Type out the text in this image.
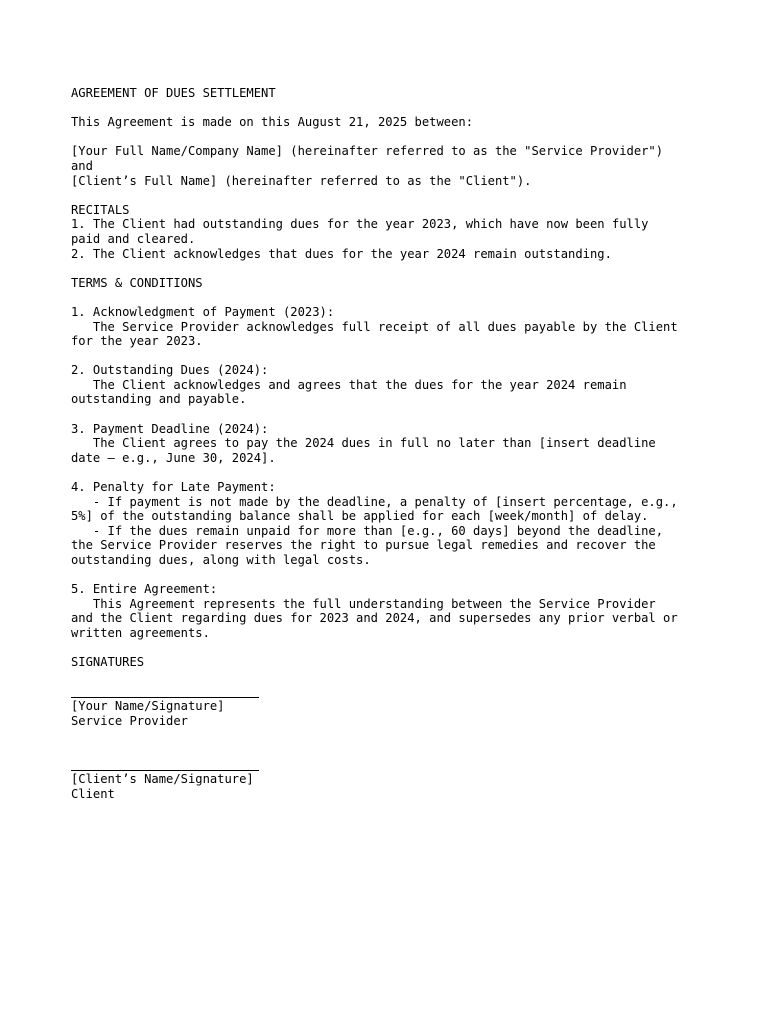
AGREEMENT OF DUES SETTLEMENT
This Agreement is made on this August 21, 2025 between:
[Your Full Name/Company Name] (hereinafter referred to as the "Service Provider")
and
[Client’s Full Name] (hereinafter referred to as the "Client").
RECITALS
1. The Client had outstanding dues for the year 2023, which have now been fully
paid and cleared.
2. The Client acknowledges that dues for the year 2024 remain outstanding.
TERMS & CONDITIONS
1. Acknowledgment of Payment (2023):
The Service Provider acknowledges full receipt of all dues payable by the Client
for the year 2023.
2. Outstanding Dues (2024):
The Client acknowledges and agrees that the dues for the year 2024 remain
outstanding and payable.
3. Payment Deadline (2024):
The Client agrees to pay the 2024 dues in full no later than [insert deadline
date – e.g., June 30, 2024].
4. Penalty for Late Payment:
- If payment is not made by the deadline, a penalty of [insert percentage, e.g.,
5%] of the outstanding balance shall be applied for each [week/month] of delay.
- If the dues remain unpaid for more than [e.g., 60 days] beyond the deadline,
the Service Provider reserves the right to pursue legal remedies and recover the
outstanding dues, along with legal costs.
5. Entire Agreement:
This Agreement represents the full understanding between the Service Provider
and the Client regarding dues for 2023 and 2024, and supersedes any prior verbal or
written agreements.
SIGNATURES
[Your Name/Signature]
Service Provider
[Client’s Name/Signature]
Client
